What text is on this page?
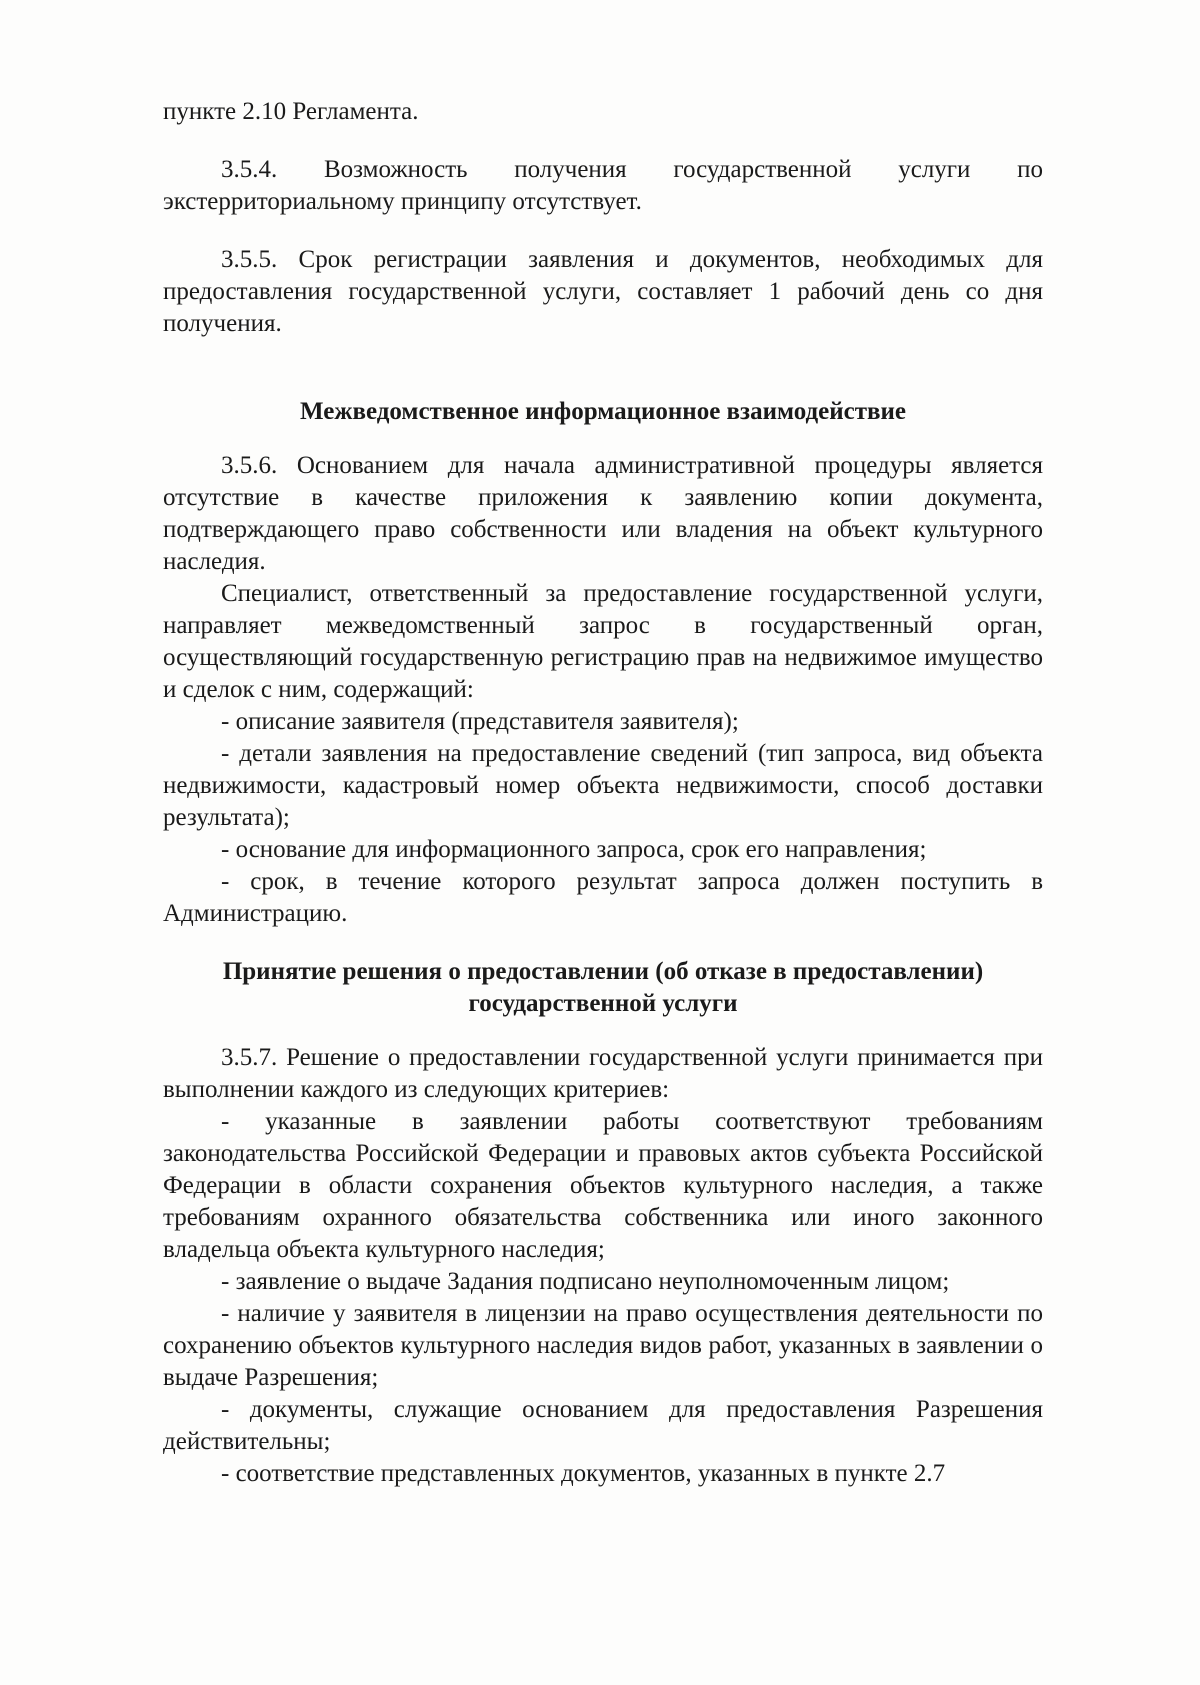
пункте 2.10 Регламента.

3.5.4. Возможность получения государственной услуги по экстерриториальному принципу отсутствует.

3.5.5. Срок регистрации заявления и документов, необходимых для предоставления государственной услуги, составляет 1 рабочий день со дня получения.

Межведомственное информационное взаимодействие

3.5.6. Основанием для начала административной процедуры является отсутствие в качестве приложения к заявлению копии документа, подтверждающего право собственности или владения на объект культурного наследия.

Специалист, ответственный за предоставление государственной услуги, направляет межведомственный запрос в государственный орган, осуществляющий государственную регистрацию прав на недвижимое имущество и сделок с ним, содержащий:

- описание заявителя (представителя заявителя);

- детали заявления на предоставление сведений (тип запроса, вид объекта недвижимости, кадастровый номер объекта недвижимости, способ доставки результата);

- основание для информационного запроса, срок его направления;

- срок, в течение которого результат запроса должен поступить в Администрацию.

Принятие решения о предоставлении (об отказе в предоставлении)
государственной услуги

3.5.7. Решение о предоставлении государственной услуги принимается при выполнении каждого из следующих критериев:

- указанные в заявлении работы соответствуют требованиям законодательства Российской Федерации и правовых актов субъекта Российской Федерации в области сохранения объектов культурного наследия, а также требованиям охранного обязательства собственника или иного законного владельца объекта культурного наследия;

- заявление о выдаче Задания подписано неуполномоченным лицом;

- наличие у заявителя в лицензии на право осуществления деятельности по сохранению объектов культурного наследия видов работ, указанных в заявлении о выдаче Разрешения;

- документы, служащие основанием для предоставления Разрешения действительны;

- соответствие представленных документов, указанных в пункте 2.7
